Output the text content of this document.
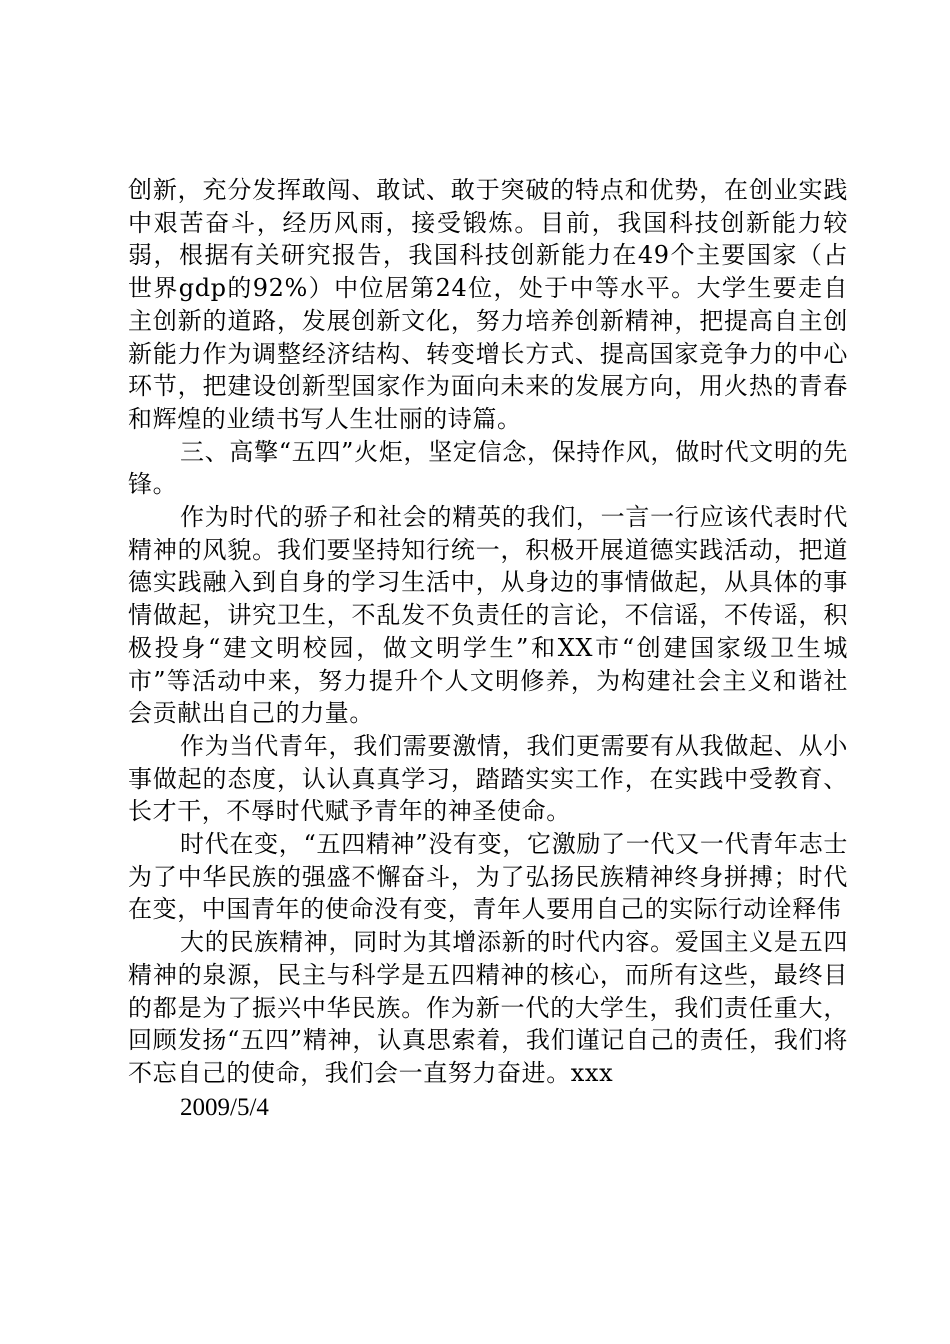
创新，充分发挥敢闯、敢试、敢于突破的特点和优势，在创业实践中艰苦奋斗，经历风雨，接受锻炼。目前，我国科技创新能力较弱，根据有关研究报告，我国科技创新能力在49个主要国家（占世界gdp的92%）中位居第24位，处于中等水平。大学生要走自主创新的道路，发展创新文化，努力培养创新精神，把提高自主创新能力作为调整经济结构、转变增长方式、提高国家竞争力的中心环节，把建设创新型国家作为面向未来的发展方向，用火热的青春和辉煌的业绩书写人生壮丽的诗篇。

三、高擎“五四”火炬，坚定信念，保持作风，做时代文明的先锋。

作为时代的骄子和社会的精英的我们，一言一行应该代表时代精神的风貌。我们要坚持知行统一，积极开展道德实践活动，把道德实践融入到自身的学习生活中，从身边的事情做起，从具体的事情做起，讲究卫生，不乱发不负责任的言论，不信谣，不传谣，积极投身“建文明校园，做文明学生”和XX市“创建国家级卫生城市”等活动中来，努力提升个人文明修养，为构建社会主义和谐社会贡献出自己的力量。

作为当代青年，我们需要激情，我们更需要有从我做起、从小事做起的态度，认认真真学习，踏踏实实工作，在实践中受教育、长才干，不辱时代赋予青年的神圣使命。

时代在变，“五四精神”没有变，它激励了一代又一代青年志士为了中华民族的强盛不懈奋斗，为了弘扬民族精神终身拼搏；时代在变，中国青年的使命没有变，青年人要用自己的实际行动诠释伟

大的民族精神，同时为其增添新的时代内容。爱国主义是五四精神的泉源，民主与科学是五四精神的核心，而所有这些，最终目的都是为了振兴中华民族。作为新一代的大学生，我们责任重大，回顾发扬“五四”精神，认真思索着，我们谨记自己的责任，我们将不忘自己的使命，我们会一直努力奋进。xxx

2009/5/4
